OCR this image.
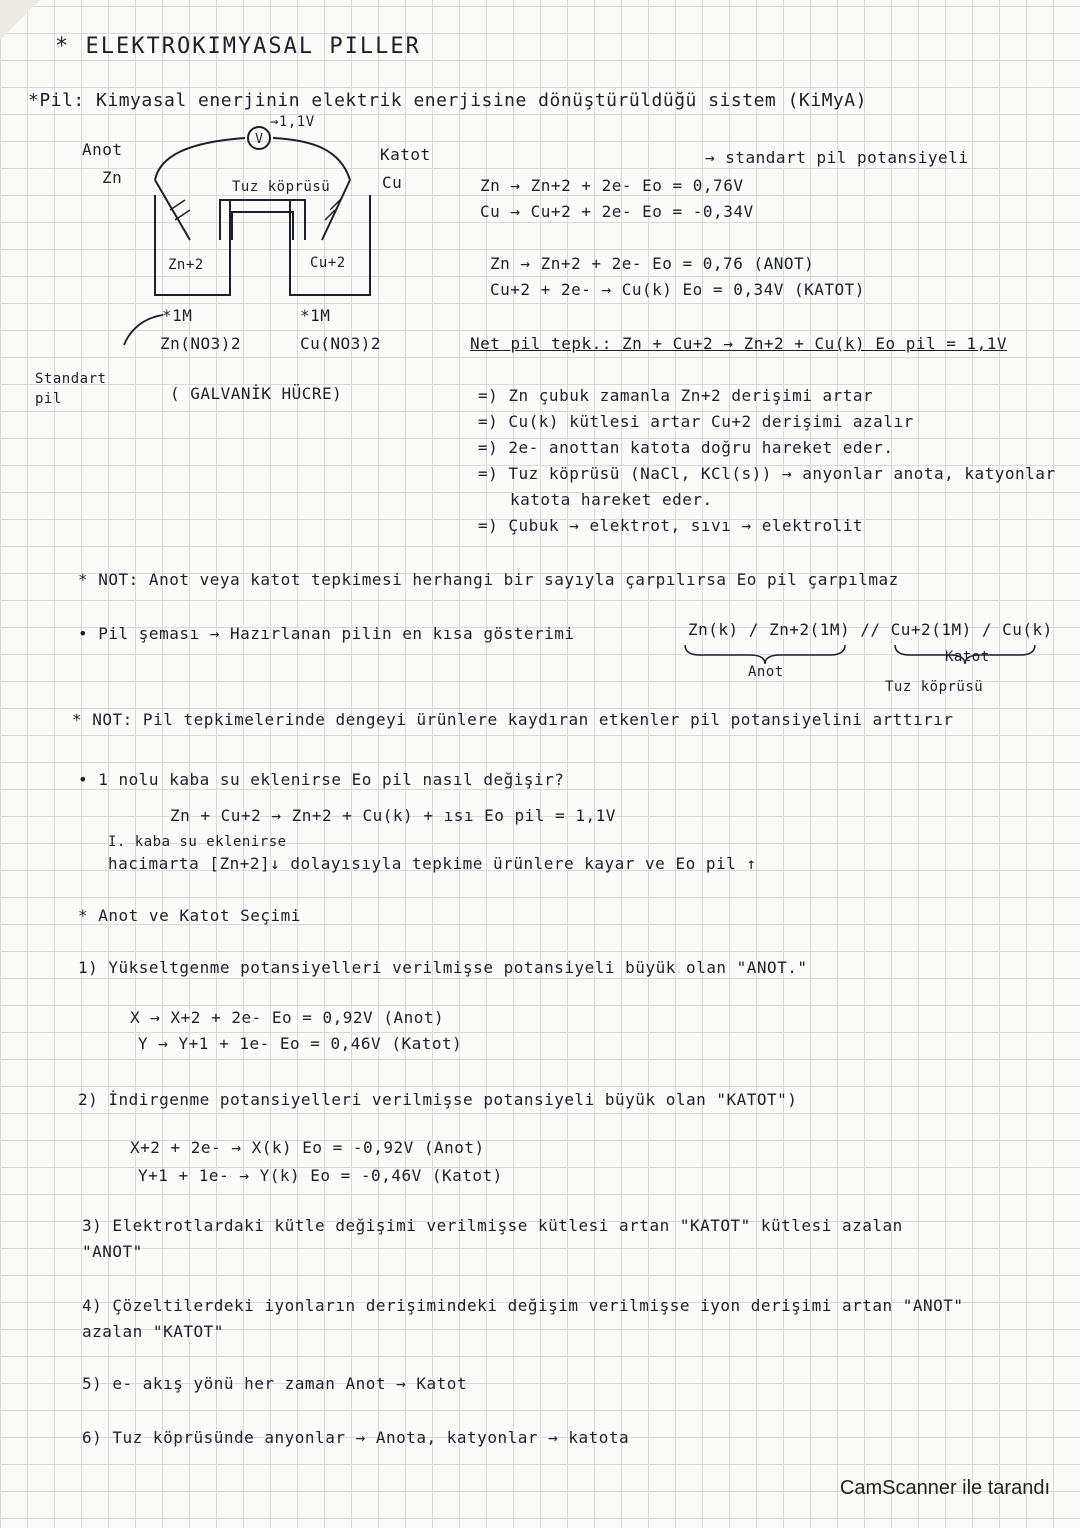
* ELEKTROKIMYASAL PILLER
*Pil: Kimyasal enerjinin elektrik enerjisine dönüştürüldüğü sistem (KiMyA)
Anot
Zn
Katot
Cu
→1,1V
V
Tuz köprüsü
Zn+2	Cu+2
*1M	*1M
Zn(NO3)2	Cu(NO3)2
Standart pil	( GALVANİK HÜCRE)
→ standart pil potansiyeli
Zn → Zn+2 + 2e- Eo = 0,76V
Cu → Cu+2 + 2e- Eo = -0,34V
Zn → Zn+2 + 2e- Eo = 0,76 (ANOT)
Cu+2 + 2e- → Cu(k) Eo = 0,34V (KATOT)
Net pil tepk.: Zn + Cu+2 → Zn+2 + Cu(k) Eo pil = 1,1V
=) Zn çubuk zamanla Zn+2 derişimi artar
=) Cu(k) kütlesi artar Cu+2 derişimi azalır
=) 2e- anottan katota doğru hareket eder.
=) Tuz köprüsü (NaCl, KCl(s)) → anyonlar anota, katyonlar
katota hareket eder.
=) Çubuk → elektrot, sıvı → elektrolit
* NOT: Anot veya katot tepkimesi herhangi bir sayıyla çarpılırsa Eo pil çarpılmaz
• Pil şeması → Hazırlanan pilin en kısa gösterimi	Zn(k) / Zn+2(1M) // Cu+2(1M) / Cu(k)
Anot
Katot
Tuz köprüsü
* NOT: Pil tepkimelerinde dengeyi ürünlere kaydıran etkenler pil potansiyelini arttırır
• 1 nolu kaba su eklenirse Eo pil nasıl değişir?
Zn + Cu+2 → Zn+2 + Cu(k) + ısı Eo pil = 1,1V
I. kaba su eklenirse
hacimarta [Zn+2]↓ dolayısıyla tepkime ürünlere kayar ve Eo pil ↑
* Anot ve Katot Seçimi
1) Yükseltgenme potansiyelleri verilmişse potansiyeli büyük olan "ANOT."
X → X+2 + 2e- Eo = 0,92V (Anot)
Y → Y+1 + 1e- Eo = 0,46V (Katot)
2) İndirgenme potansiyelleri verilmişse potansiyeli büyük olan "KATOT")
X+2 + 2e- → X(k) Eo = -0,92V (Anot)
Y+1 + 1e- → Y(k) Eo = -0,46V (Katot)
3) Elektrotlardaki kütle değişimi verilmişse kütlesi artan "KATOT" kütlesi azalan
"ANOT"
4) Çözeltilerdeki iyonların derişimindeki değişim verilmişse iyon derişimi artan "ANOT"
azalan "KATOT"
5) e- akış yönü her zaman Anot → Katot
6) Tuz köprüsünde anyonlar → Anota, katyonlar → katota
CamScanner ile tarandı
